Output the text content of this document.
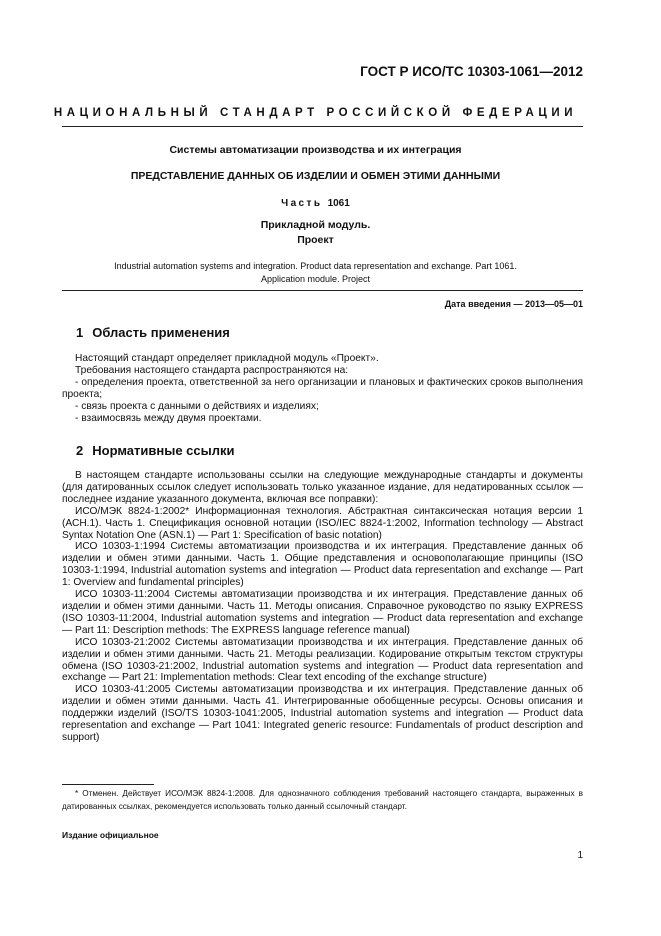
ГОСТ Р ИСО/ТС 10303-1061—2012
НАЦИОНАЛЬНЫЙ СТАНДАРТ РОССИЙСКОЙ ФЕДЕРАЦИИ
Системы автоматизации производства и их интеграция
ПРЕДСТАВЛЕНИЕ ДАННЫХ ОБ ИЗДЕЛИИ И ОБМЕН ЭТИМИ ДАННЫМИ
Часть 1061
Прикладной модуль.
Проект
Industrial automation systems and integration. Product data representation and exchange. Part 1061.
Application module. Project
Дата введения — 2013—05—01
1 Область применения

Настоящий стандарт определяет прикладной модуль «Проект».

Требования настоящего стандарта распространяются на:

- определения проекта, ответственной за него организации и плановых и фактических сроков выполнения проекта;

- связь проекта с данными о действиях и изделиях;

- взаимосвязь между двумя проектами.

2 Нормативные ссылки

В настоящем стандарте использованы ссылки на следующие международные стандарты и документы (для датированных ссылок следует использовать только указанное издание, для недатированных ссылок — последнее издание указанного документа, включая все поправки):

ИСО/МЭК 8824-1:2002* Информационная технология. Абстрактная синтаксическая нотация версии 1 (АСН.1). Часть 1. Спецификация основной нотации (ISO/IEC 8824-1:2002, Information technology — Abstract Syntax Notation One (ASN.1) — Part 1: Specification of basic notation)

ИСО 10303-1:1994 Системы автоматизации производства и их интеграция. Представление данных об изделии и обмен этими данными. Часть 1. Общие представления и основополагающие принципы (ISO 10303-1:1994, Industrial automation systems and integration — Product data representation and exchange — Part 1: Overview and fundamental principles)

ИСО 10303-11:2004 Системы автоматизации производства и их интеграция. Представление данных об изделии и обмен этими данными. Часть 11. Методы описания. Справочное руководство по языку EXPRESS (ISO 10303-11:2004, Industrial automation systems and integration — Product data representation and exchange — Part 11: Description methods: The EXPRESS language reference manual)

ИСО 10303-21:2002 Системы автоматизации производства и их интеграция. Представление данных об изделии и обмен этими данными. Часть 21. Методы реализации. Кодирование открытым текстом структуры обмена (ISO 10303-21:2002, Industrial automation systems and integration — Product data representation and exchange — Part 21: Implementation methods: Clear text encoding of the exchange structure)

ИСО 10303-41:2005 Системы автоматизации производства и их интеграция. Представление данных об изделии и обмен этими данными. Часть 41. Интегрированные обобщенные ресурсы. Основы описания и поддержки изделий (ISO/TS 10303-1041:2005, Industrial automation systems and integration — Product data representation and exchange — Part 1041: Integrated generic resource: Fundamentals of product description and support)

* Отменен. Действует ИСО/МЭК 8824-1:2008. Для однозначного соблюдения требований настоящего стандарта, выраженных в датированных ссылках, рекомендуется использовать только данный ссылочный стандарт.

Издание официальное
1
